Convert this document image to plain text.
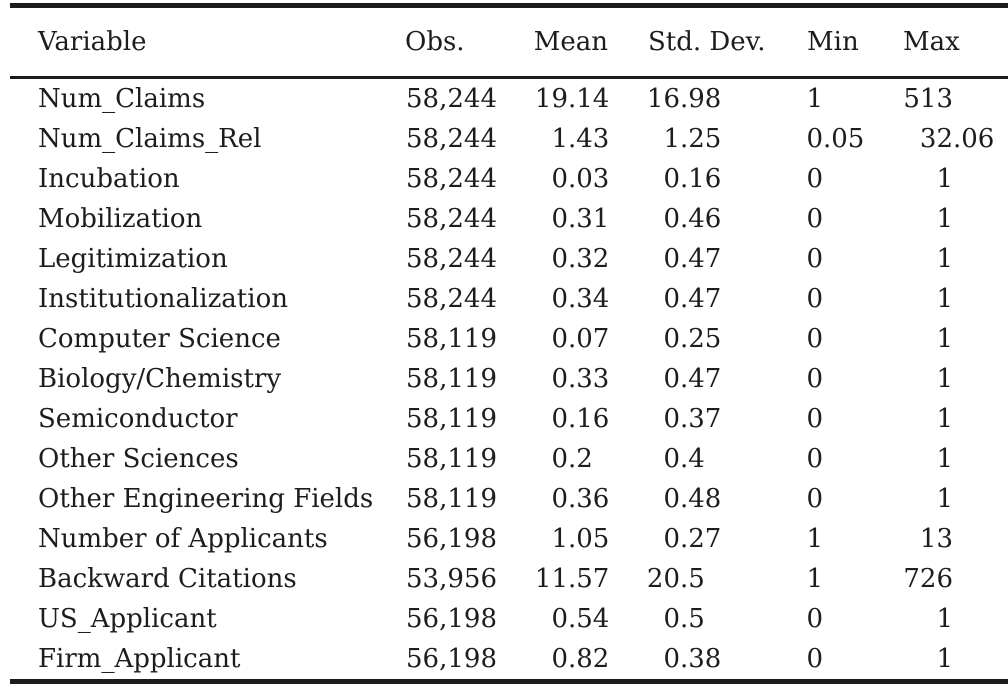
Variable	Obs.	Mean	Std. Dev.	Min	Max
Num_Claims	58,244	19 .14	16 .98	1	513

Num_Claims_Rel	58,244	1 .43	1 .25	0 .05	32 .06

Incubation	58,244	0 .03	0 .16	0	1

Mobilization	58,244	0 .31	0 .46	0	1

Legitimization	58,244	0 .32	0 .47	0	1

Institutionalization	58,244	0 .34	0 .47	0	1

Computer Science	58,119	0 .07	0 .25	0	1

Biology/Chemistry	58,119	0 .33	0 .47	0	1

Semiconductor	58,119	0 .16	0 .37	0	1

Other Sciences	58,119	0 .2	0 .4	0	1

Other Engineering Fields	58,119	0 .36	0 .48	0	1

Number of Applicants	56,198	1 .05	0 .27	1	13

Backward Citations	53,956	11 .57	20 .5	1	726

US_Applicant	56,198	0 .54	0 .5	0	1

Firm_Applicant	56,198	0 .82	0 .38	0	1
